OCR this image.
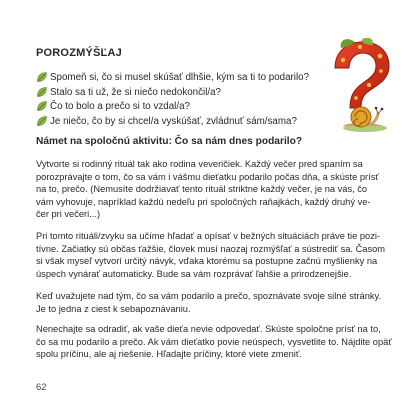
POROZMÝŠĽAJ
Spomeň si, čo si musel skúšať dlhšie, kým sa ti to podarilo?
Stalo sa ti už, že si niečo nedokončil/a?
Čo to bolo a prečo si to vzdal/a?
Je niečo, čo by si chcel/a vyskúšať, zvládnuť sám/sama?
Námet na spoločnú aktivitu: Čo sa nám dnes podarilo?
Vytvorte si rodinný rituál tak ako rodina veveričiek. Každý večer pred spaním sa
porozprávajte o tom, čo sa vám i vášmu dieťatku podarilo počas dňa, a skúste prísť
na to, prečo. (Nemusíte dodržiavať tento rituál striktne každý večer, je na vás, čo
vám vyhovuje, napríklad každú nedeľu pri spoločných raňajkách, každý druhý ve-
čer pri večeri...)
Pri tomto rituáli/zvyku sa učíme hľadať a opísať v bežných situáciách práve tie pozi-
tívne. Začiatky sú občas ťažšie, človek musí naozaj rozmýšľať a sústrediť sa. Časom
si však myseľ vytvorí určitý návyk, vďaka ktorému sa postupne začnú myšlienky na
úspech vynárať automaticky. Bude sa vám rozprávať ľahšie a prirodzenejšie.
Keď uvažujete nad tým, čo sa vám podarilo a prečo, spoznávate svoje silné stránky.
Je to jedna z ciest k sebapoznávaniu.
Nenechajte sa odradiť, ak vaše dieťa nevie odpovedať. Skúste spoločne prísť na to,
čo sa mu podarilo a prečo. Ak vám dieťatko povie neúspech, vysvetlite to. Nájdite opäť
spolu príčinu, ale aj riešenie. Hľadajte príčiny, ktoré viete zmeniť.
62
